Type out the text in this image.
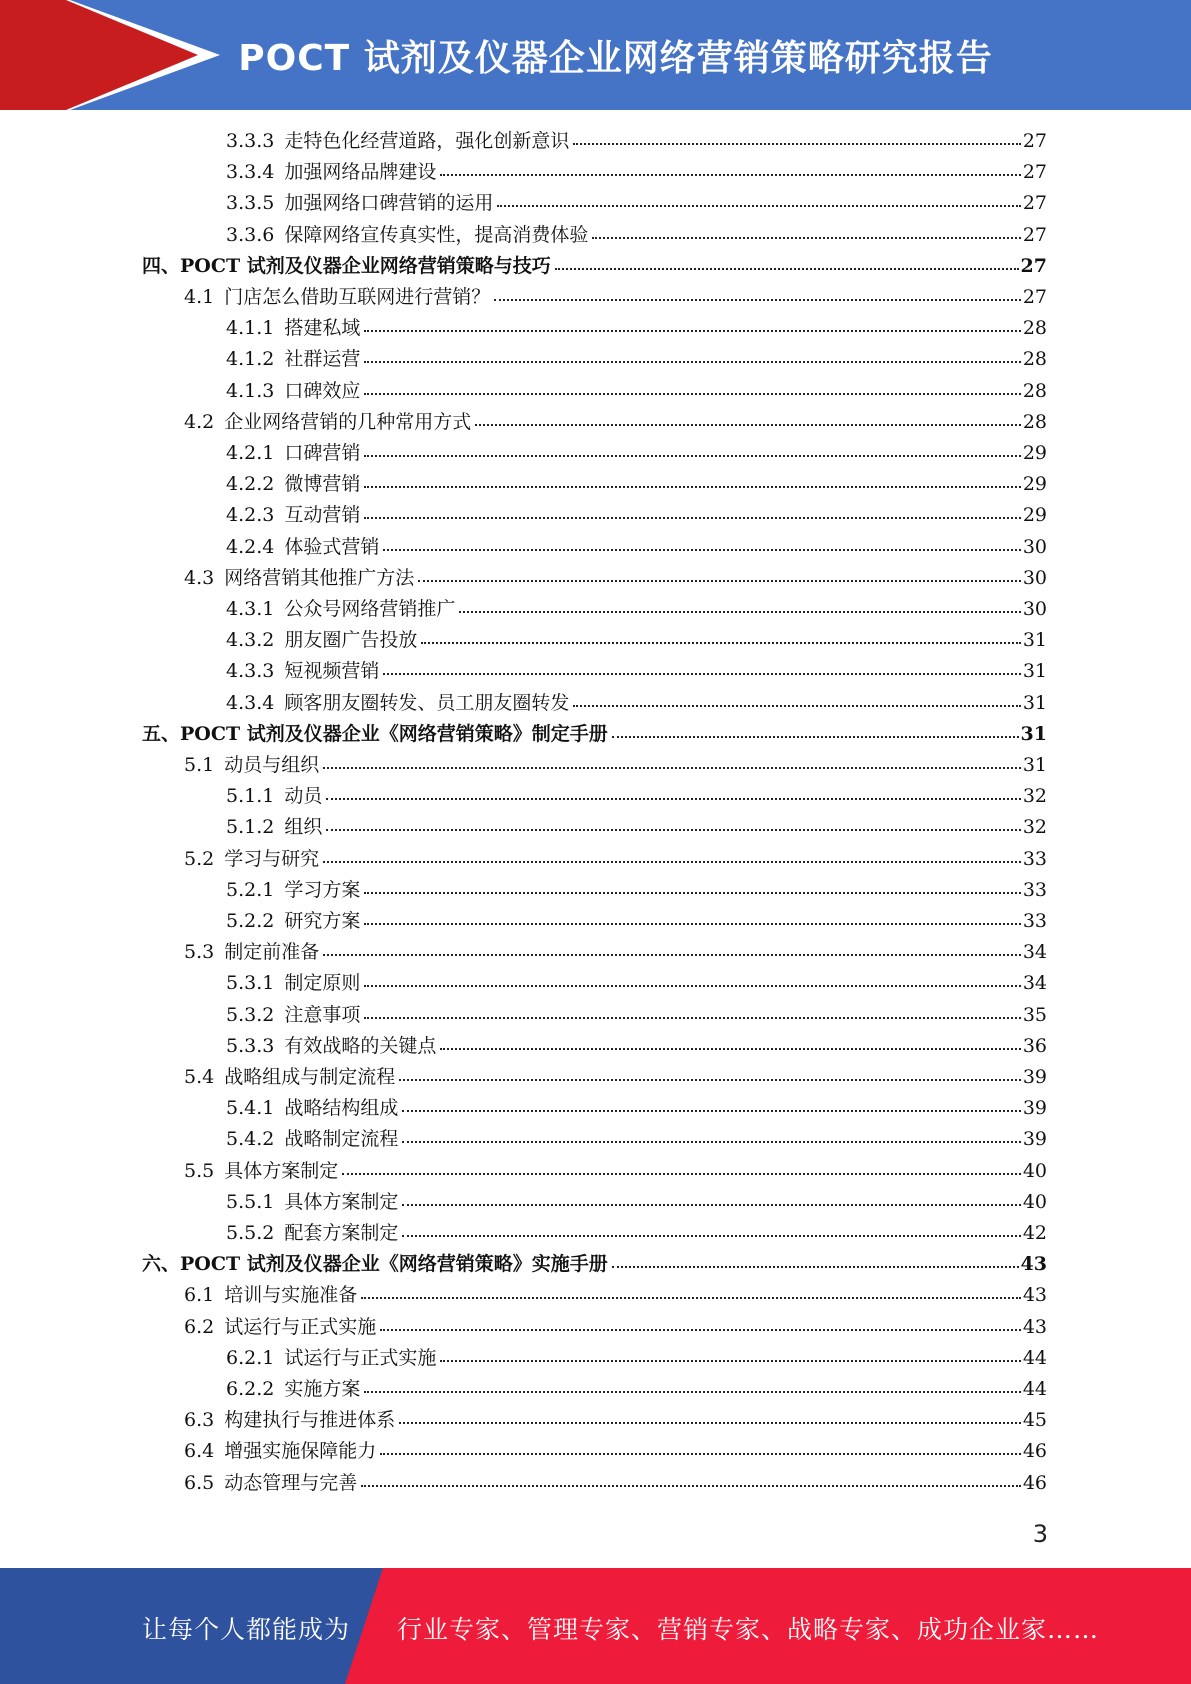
POCT 试剂及仪器企业网络营销策略研究报告
3.3.3 走特色化经营道路，强化创新意识	27
3.3.4 加强网络品牌建设	27
3.3.5 加强网络口碑营销的运用	27
3.3.6 保障网络宣传真实性，提高消费体验	27
四、 POCT 试剂及仪器企业网络营销策略与技巧	27
4.1 门店怎么借助互联网进行营销？	27
4.1.1 搭建私域	28
4.1.2 社群运营	28
4.1.3 口碑效应	28
4.2 企业网络营销的几种常用方式	28
4.2.1 口碑营销	29
4.2.2 微博营销	29
4.2.3 互动营销	29
4.2.4 体验式营销	30
4.3 网络营销其他推广方法	30
4.3.1 公众号网络营销推广	30
4.3.2 朋友圈广告投放	31
4.3.3 短视频营销	31
4.3.4 顾客朋友圈转发、员工朋友圈转发	31
五、 POCT 试剂及仪器企业《网络营销策略》制定手册	31
5.1 动员与组织	31
5.1.1 动员	32
5.1.2 组织	32
5.2 学习与研究	33
5.2.1 学习方案	33
5.2.2 研究方案	33
5.3 制定前准备	34
5.3.1 制定原则	34
5.3.2 注意事项	35
5.3.3 有效战略的关键点	36
5.4 战略组成与制定流程	39
5.4.1 战略结构组成	39
5.4.2 战略制定流程	39
5.5 具体方案制定	40
5.5.1 具体方案制定	40
5.5.2 配套方案制定	42
六、 POCT 试剂及仪器企业《网络营销策略》实施手册	43
6.1 培训与实施准备	43
6.2 试运行与正式实施	43
6.2.1 试运行与正式实施	44
6.2.2 实施方案	44
6.3 构建执行与推进体系	45
6.4 增强实施保障能力	46
6.5 动态管理与完善	46
3
让每个人都能成为 行业专家、管理专家、营销专家、战略专家、成功企业家……
